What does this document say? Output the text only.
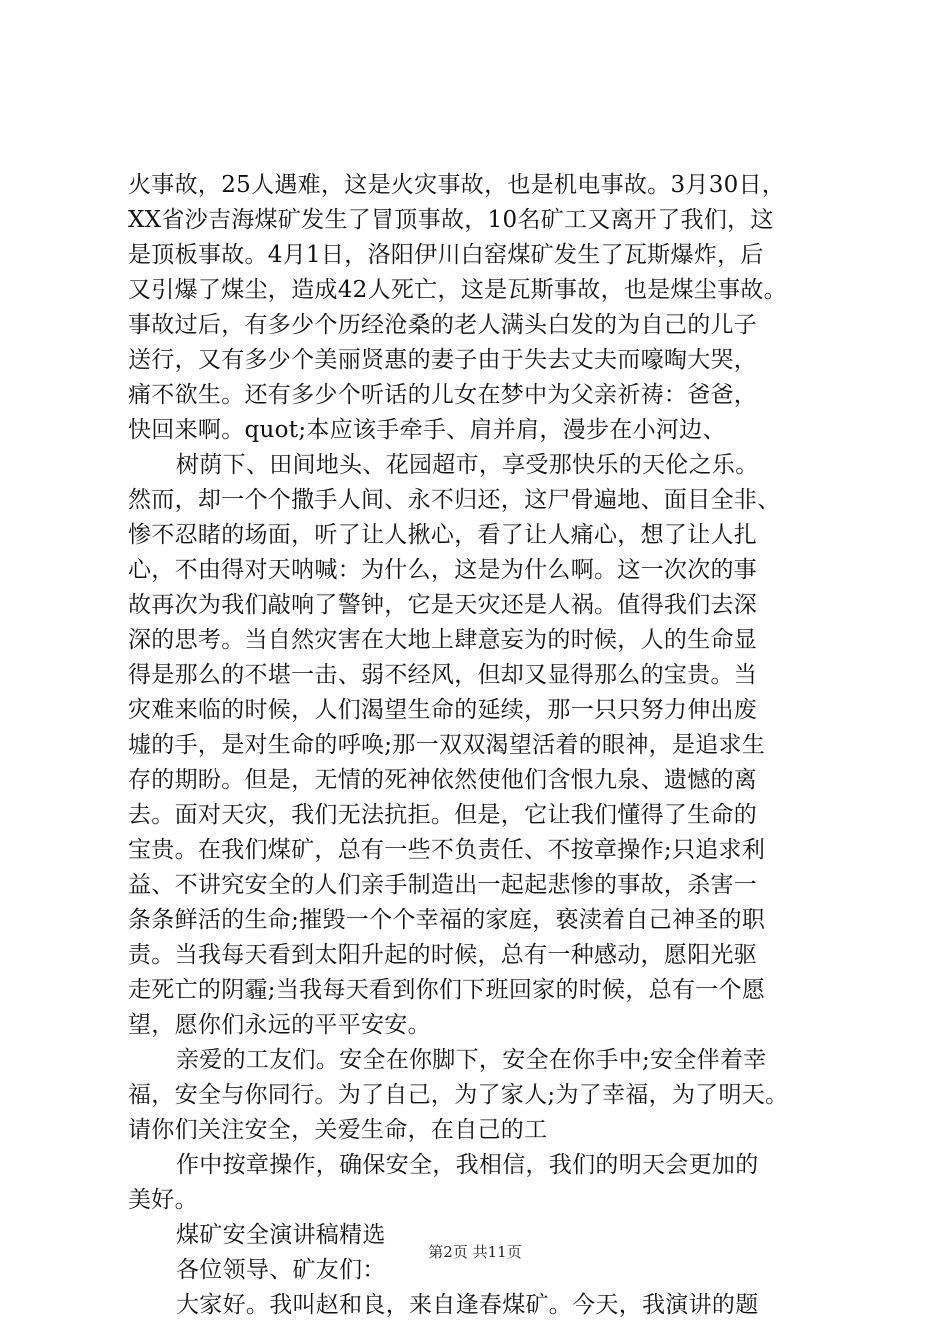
火事故，25人遇难，这是火灾事故，也是机电事故。3月30日，
XX省沙吉海煤矿发生了冒顶事故，10名矿工又离开了我们，这
是顶板事故。4月1日，洛阳伊川白窑煤矿发生了瓦斯爆炸，后
又引爆了煤尘，造成42人死亡，这是瓦斯事故，也是煤尘事故。
事故过后，有多少个历经沧桑的老人满头白发的为自己的儿子
送行，又有多少个美丽贤惠的妻子由于失去丈夫而嚎啕大哭，
痛不欲生。还有多少个听话的儿女在梦中为父亲祈祷：爸爸，
快回来啊。quot;本应该手牵手、肩并肩，漫步在小河边、
树荫下、田间地头、花园超市，享受那快乐的天伦之乐。
然而，却一个个撒手人间、永不归还，这尸骨遍地、面目全非、
惨不忍睹的场面，听了让人揪心，看了让人痛心，想了让人扎
心，不由得对天呐喊：为什么，这是为什么啊。这一次次的事
故再次为我们敲响了警钟，它是天灾还是人祸。值得我们去深
深的思考。当自然灾害在大地上肆意妄为的时候，人的生命显
得是那么的不堪一击、弱不经风，但却又显得那么的宝贵。当
灾难来临的时候，人们渴望生命的延续，那一只只努力伸出废
墟的手，是对生命的呼唤;那一双双渴望活着的眼神，是追求生
存的期盼。但是，无情的死神依然使他们含恨九泉、遗憾的离
去。面对天灾，我们无法抗拒。但是，它让我们懂得了生命的
宝贵。在我们煤矿，总有一些不负责任、不按章操作;只追求利
益、不讲究安全的人们亲手制造出一起起悲惨的事故，杀害一
条条鲜活的生命;摧毁一个个幸福的家庭，亵渎着自己神圣的职
责。当我每天看到太阳升起的时候，总有一种感动，愿阳光驱
走死亡的阴霾;当我每天看到你们下班回家的时候，总有一个愿
望，愿你们永远的平平安安。
亲爱的工友们。安全在你脚下，安全在你手中;安全伴着幸
福，安全与你同行。为了自己，为了家人;为了幸福，为了明天。
请你们关注安全，关爱生命，在自己的工
作中按章操作，确保安全，我相信，我们的明天会更加的
美好。
煤矿安全演讲稿精选
各位领导、矿友们：
大家好。我叫赵和良，来自逢春煤矿。今天，我演讲的题
第2页 共11页
